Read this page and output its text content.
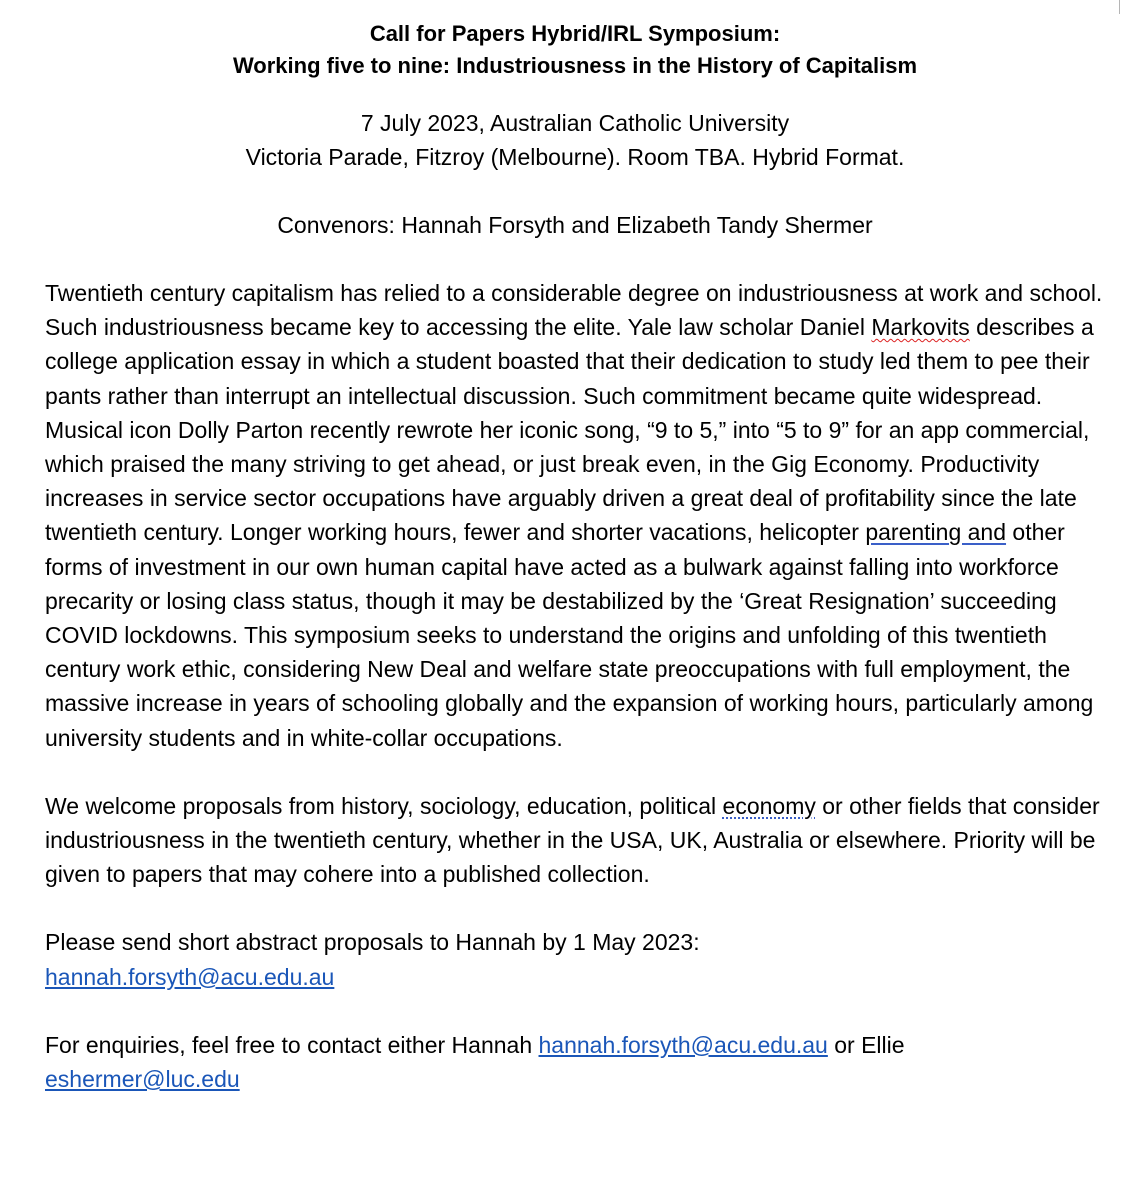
Call for Papers Hybrid/IRL Symposium:
Working five to nine: Industriousness in the History of Capitalism
7 July 2023, Australian Catholic University
Victoria Parade, Fitzroy (Melbourne). Room TBA. Hybrid Format.
Convenors: Hannah Forsyth and Elizabeth Tandy Shermer

Twentieth century capitalism has relied to a considerable degree on industriousness at work and school. Such industriousness became key to accessing the elite. Yale law scholar Daniel Markovits describes a college application essay in which a student boasted that their dedication to study led them to pee their pants rather than interrupt an intellectual discussion. Such commitment became quite widespread. Musical icon Dolly Parton recently rewrote her iconic song, “9 to 5,” into “5 to 9” for an app commercial, which praised the many striving to get ahead, or just break even, in the Gig Economy. Productivity increases in service sector occupations have arguably driven a great deal of profitability since the late twentieth century. Longer working hours, fewer and shorter vacations, helicopter parenting and other forms of investment in our own human capital have acted as a bulwark against falling into workforce precarity or losing class status, though it may be destabilized by the ‘Great Resignation’ succeeding COVID lockdowns. This symposium seeks to understand the origins and unfolding of this twentieth century work ethic, considering New Deal and welfare state preoccupations with full employment, the massive increase in years of schooling globally and the expansion of working hours, particularly among university students and in white-collar occupations.

We welcome proposals from history, sociology, education, political economy or other fields that consider industriousness in the twentieth century, whether in the USA, UK, Australia or elsewhere. Priority will be given to papers that may cohere into a published collection.

Please send short abstract proposals to Hannah by 1 May 2023:
hannah.forsyth@acu.edu.au

For enquiries, feel free to contact either Hannah hannah.forsyth@acu.edu.au or Ellie
eshermer@luc.edu
